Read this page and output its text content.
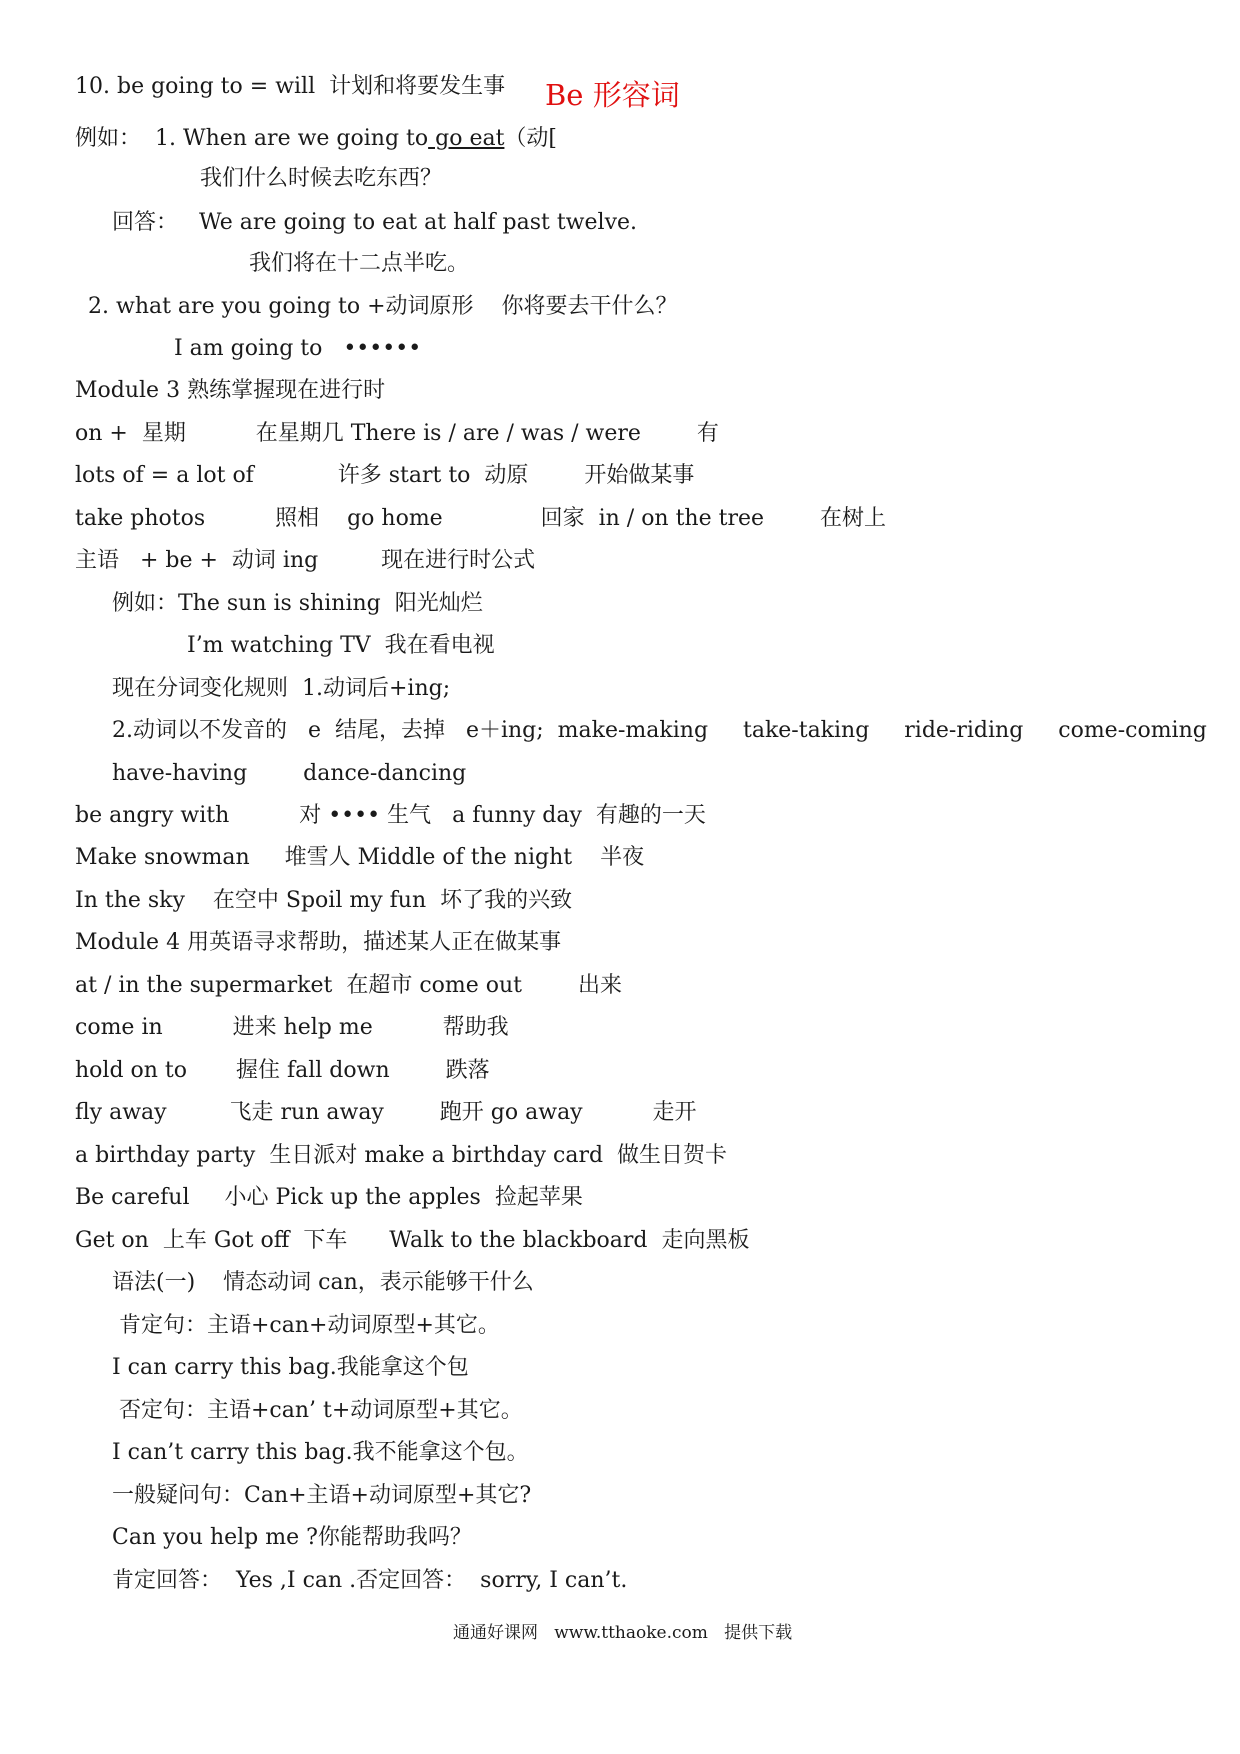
10. be going to = will  计划和将要发生事 Be 形容词
例如：  1. When are we going to go eat（动[
我们什么时候去吃东西？
回答：   We are going to eat at half past twelve.
我们将在十二点半吃。
2. what are you going to +动词原形    你将要去干什么？
I am going to   ••••••
Module 3 熟练掌握现在进行时
on +  星期          在星期几 There is / are / was / were        有
lots of = a lot of            许多 start to  动原        开始做某事
take photos          照相    go home              回家  in / on the tree        在树上
主语   + be +  动词 ing         现在进行时公式
例如：The sun is shining  阳光灿烂
I’m watching TV  我在看电视
现在分词变化规则  1.动词后+ing;
2.动词以不发音的   e  结尾，去掉   e＋ing;  make-making     take-taking     ride-riding     come-coming
have-having        dance-dancing
be angry with          对 •••• 生气   a funny day  有趣的一天
Make snowman     堆雪人 Middle of the night    半夜
In the sky    在空中 Spoil my fun  坏了我的兴致
Module 4 用英语寻求帮助，描述某人正在做某事
at / in the supermarket  在超市 come out        出来
come in          进来 help me          帮助我
hold on to       握住 fall down        跌落
fly away         飞走 run away        跑开 go away          走开
a birthday party  生日派对 make a birthday card  做生日贺卡
Be careful     小心 Pick up the apples  捡起苹果
Get on  上车 Got off  下车      Walk to the blackboard  走向黑板
语法(一)    情态动词 can，表示能够干什么
肯定句：主语+can+动词原型+其它。
I can carry this bag.我能拿这个包
否定句：主语+can’ t+动词原型+其它。
I can’t carry this bag.我不能拿这个包。
一般疑问句：Can+主语+动词原型+其它?
Can you help me ?你能帮助我吗？
肯定回答：  Yes ,I can .否定回答：  sorry, I can’t.
通通好课网   www.tthaoke.com   提供下载
